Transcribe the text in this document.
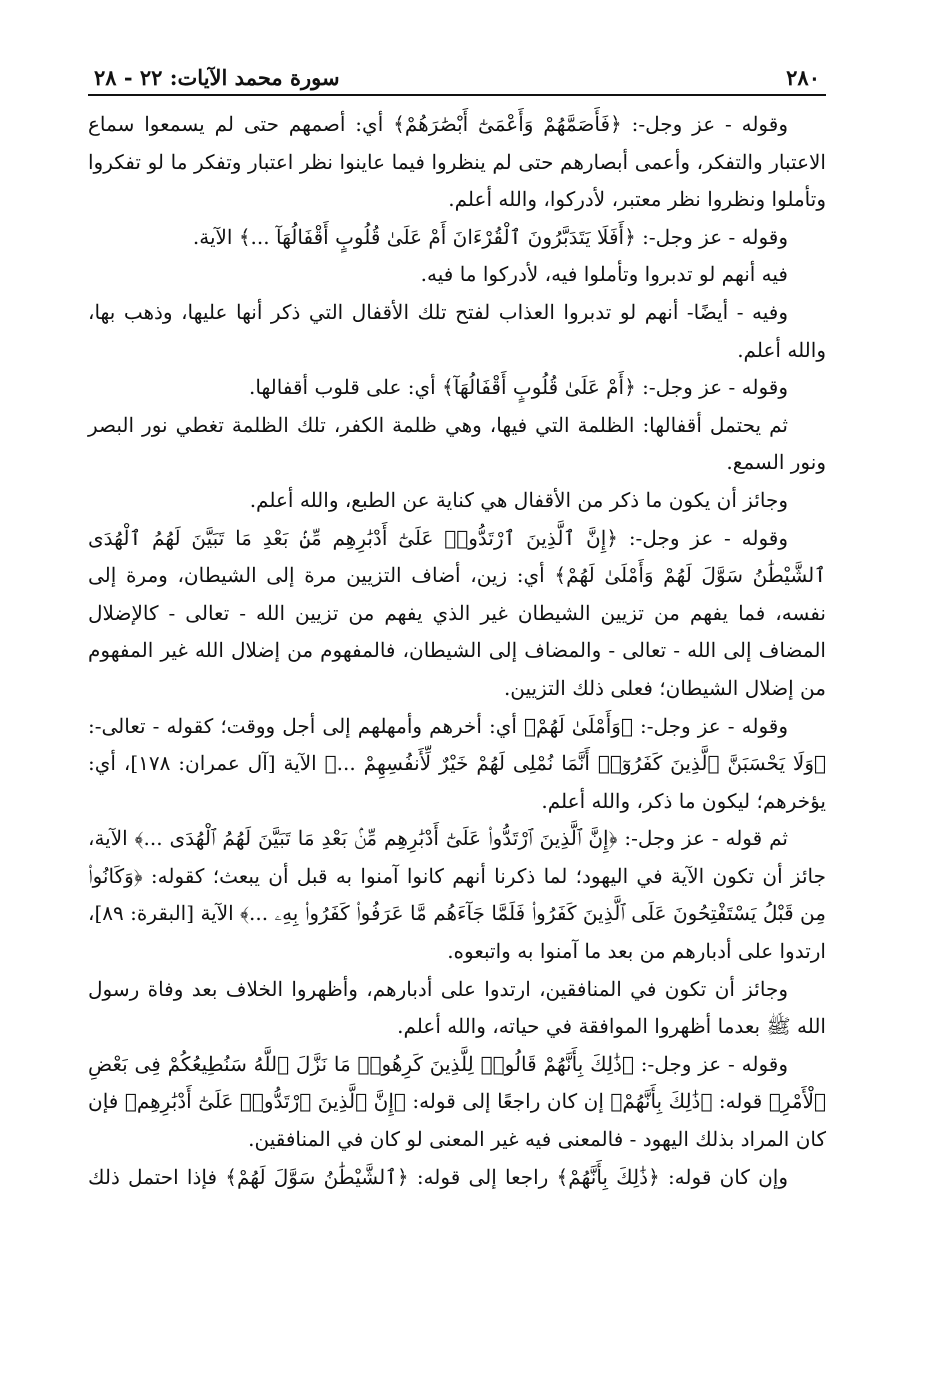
٢٨٠
سورة محمد الآيات: ٢٢ - ٢٨

وقوله - عز وجل-: ﴿فَأَصَمَّهُمْ وَأَعْمَىٰٓ أَبْصَٰرَهُمْ﴾ أي: أصمهم حتى لم يسمعوا سماع الاعتبار والتفكر، وأعمى أبصارهم حتى لم ينظروا فيما عاينوا نظر اعتبار وتفكر ما لو تفكروا وتأملوا ونظروا نظر معتبر، لأدركوا، والله أعلم.

وقوله - عز وجل-: ﴿أَفَلَا يَتَدَبَّرُونَ ٱلْقُرْءَانَ أَمْ عَلَىٰ قُلُوبٍ أَقْفَالُهَآ ...﴾ الآية.

فيه أنهم لو تدبروا وتأملوا فيه، لأدركوا ما فيه.

وفيه - أيضًا- أنهم لو تدبروا العذاب لفتح تلك الأقفال التي ذكر أنها عليها، وذهب بها، والله أعلم.

وقوله - عز وجل-: ﴿أَمْ عَلَىٰ قُلُوبٍ أَقْفَالُهَآ﴾ أي: على قلوب أقفالها.

ثم يحتمل أقفالها: الظلمة التي فيها، وهي ظلمة الكفر، تلك الظلمة تغطي نور البصر ونور السمع.

وجائز أن يكون ما ذكر من الأقفال هي كناية عن الطبع، والله أعلم.

وقوله - عز وجل-: ﴿إِنَّ ٱلَّذِينَ ٱرْتَدُّوا۟ عَلَىٰٓ أَدْبَٰرِهِم مِّنۢ بَعْدِ مَا تَبَيَّنَ لَهُمُ ٱلْهُدَى ٱلشَّيْطَٰنُ سَوَّلَ لَهُمْ وَأَمْلَىٰ لَهُمْ﴾ أي: زين، أضاف التزيين مرة إلى الشيطان، ومرة إلى نفسه، فما يفهم من تزيين الشيطان غير الذي يفهم من تزيين الله - تعالى - كالإضلال المضاف إلى الله - تعالى - والمضاف إلى الشيطان، فالمفهوم من إضلال الله غير المفهوم من إضلال الشيطان؛ فعلى ذلك التزيين.

وقوله - عز وجل-: ﴿وَأَمْلَىٰ لَهُمْ﴾ أي: أخرهم وأمهلهم إلى أجل ووقت؛ كقوله - تعالى-: ﴿وَلَا يَحْسَبَنَّ ٱلَّذِينَ كَفَرُوٓا۟ أَنَّمَا نُمْلِى لَهُمْ خَيْرٌ لِّأَنفُسِهِمْ ...﴾ الآية [آل عمران: ١٧٨]، أي: يؤخرهم؛ ليكون ما ذكر، والله أعلم.

ثم قوله - عز وجل-: ﴿إِنَّ ٱلَّذِينَ ٱرْتَدُّوا۟ عَلَىٰٓ أَدْبَٰرِهِم مِّنۢ بَعْدِ مَا تَبَيَّنَ لَهُمُ ٱلْهُدَى ...﴾ الآية، جائز أن تكون الآية في اليهود؛ لما ذكرنا أنهم كانوا آمنوا به قبل أن يبعث؛ كقوله: ﴿وَكَانُوا۟ مِن قَبْلُ يَسْتَفْتِحُونَ عَلَى ٱلَّذِينَ كَفَرُوا۟ فَلَمَّا جَآءَهُم مَّا عَرَفُوا۟ كَفَرُوا۟ بِهِۦ ...﴾ الآية [البقرة: ٨٩]، ارتدوا على أدبارهم من بعد ما آمنوا به واتبعوه.

وجائز أن تكون في المنافقين، ارتدوا على أدبارهم، وأظهروا الخلاف بعد وفاة رسول الله ﷺ بعدما أظهروا الموافقة في حياته، والله أعلم.

وقوله - عز وجل-: ﴿ذَٰلِكَ بِأَنَّهُمْ قَالُوا۟ لِلَّذِينَ كَرِهُوا۟ مَا نَزَّلَ ٱللَّهُ سَنُطِيعُكُمْ فِى بَعْضِ ٱلْأَمْرِ﴾ قوله: ﴿ذَٰلِكَ بِأَنَّهُمْ﴾ إن كان راجعًا إلى قوله: ﴿إِنَّ ٱلَّذِينَ ٱرْتَدُّوا۟ عَلَىٰٓ أَدْبَٰرِهِم﴾ فإن كان المراد بذلك اليهود - فالمعنى فيه غير المعنى لو كان في المنافقين.

وإن كان قوله: ﴿ذَٰلِكَ بِأَنَّهُمْ﴾ راجعا إلى قوله: ﴿ٱلشَّيْطَٰنُ سَوَّلَ لَهُمْ﴾ فإذا احتمل ذلك
